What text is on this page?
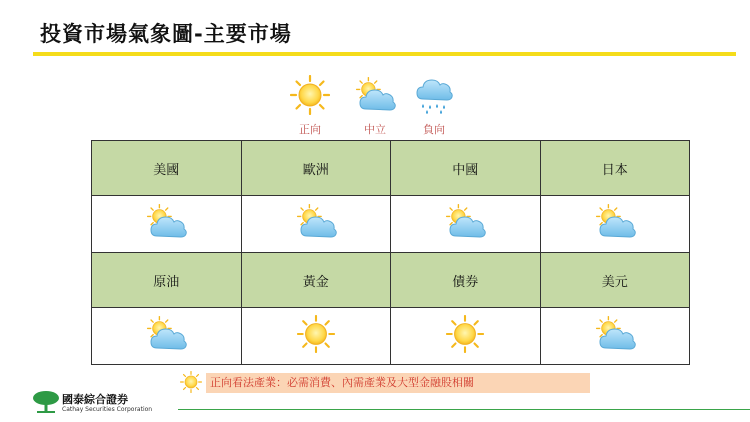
投資市場氣象圖-主要市場
正向	中立	負向
美國	歐洲	中國	日本

原油	黃金	債券	美元

正向看法產業：必需消費、內需產業及大型金融股相關
國泰綜合證券
Cathay Securities Corporation
